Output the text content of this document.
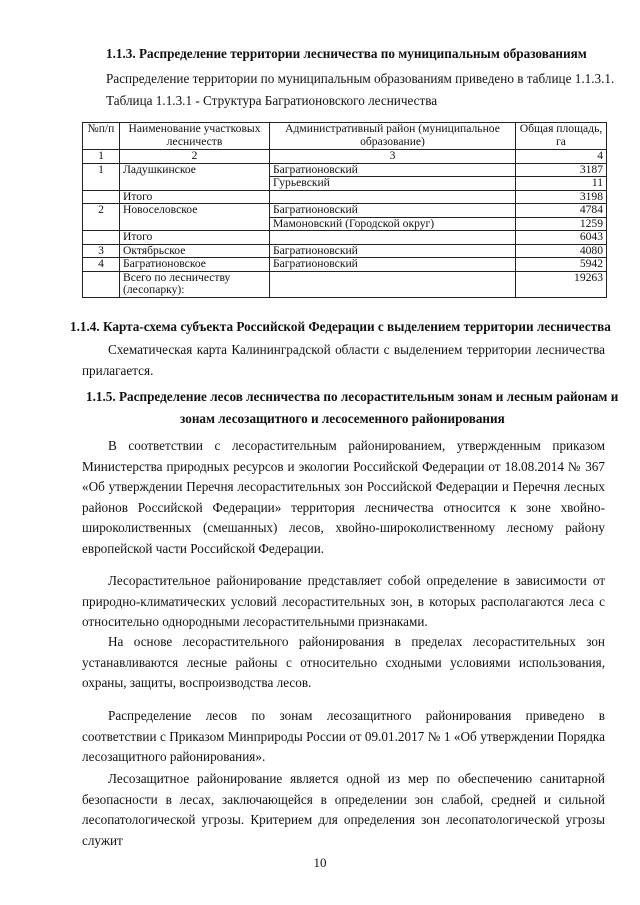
1.1.3. Распределение территории лесничества по муниципальным образованиям
Распределение территории по муниципальным образованиям приведено в таблице 1.1.3.1.
Таблица 1.1.3.1 - Структура Багратионовского лесничества
№п/п	Наименование участковых лесничеств	Административный район (муниципальное образование)	Общая площадь, га
1	2	3	4
1	Ладушкинское	Багратионовский	3187
		Гурьевский	11
	Итого		3198
2	Новоселовское	Багратионовский	4784
		Мамоновский (Городской округ)	1259
	Итого		6043
3	Октябрьское	Багратионовский	4080
4	Багратионовское	Багратионовский	5942
	Всего по лесничеству (лесопарку):		19263
1.1.4. Карта-схема субъекта Российской Федерации с выделением территории лесничества
Схематическая карта Калининградской области с выделением территории лесничества прилагается.
1.1.5. Распределение лесов лесничества по лесорастительным зонам и лесным районам и
зонам лесозащитного и лесосеменного районирования
В соответствии с лесорастительным районированием, утвержденным приказом Министерства природных ресурсов и экологии Российской Федерации от 18.08.2014 № 367 «Об утверждении Перечня лесорастительных зон Российской Федерации и Перечня лесных районов Российской Федерации» территория лесничества относится к зоне хвойно-широколиственных (смешанных) лесов, хвойно-широколиственному лесному району европейской части Российской Федерации.
Лесорастительное районирование представляет собой определение в зависимости от природно-климатических условий лесорастительных зон, в которых располагаются леса с относительно однородными лесорастительными признаками.
На основе лесорастительного районирования в пределах лесорастительных зон устанавливаются лесные районы с относительно сходными условиями использования, охраны, защиты, воспроизводства лесов.
Распределение лесов по зонам лесозащитного районирования приведено в соответствии с Приказом Минприроды России от 09.01.2017 № 1 «Об утверждении Порядка лесозащитного районирования».
Лесозащитное районирование является одной из мер по обеспечению санитарной безопасности в лесах, заключающейся в определении зон слабой, средней и сильной лесопатологической угрозы. Критерием для определения зон лесопатологической угрозы служит
10
